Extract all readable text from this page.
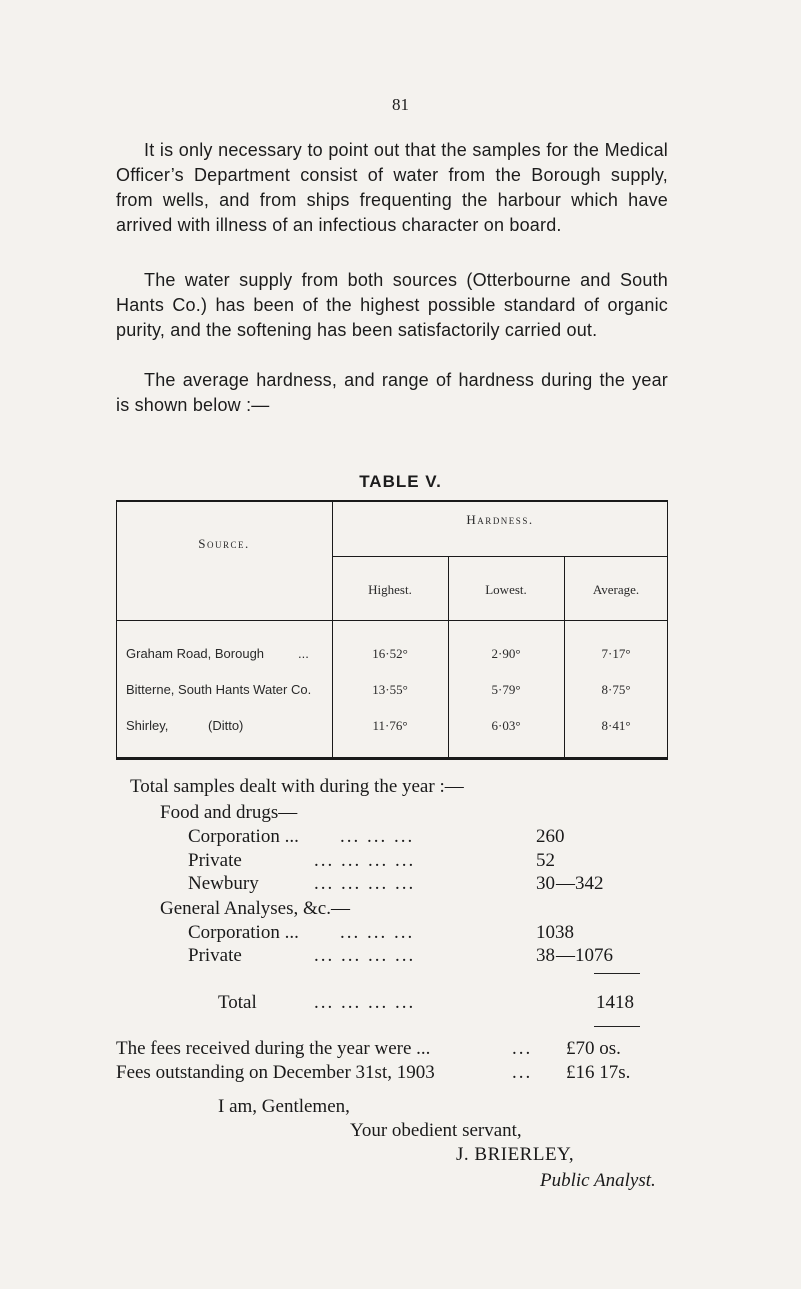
81

It is only necessary to point out that the samples for the Medical Officer’s Department consist of water from the Borough supply, from wells, and from ships frequenting the harbour which have arrived with illness of an infectious character on board.

The water supply from both sources (Otterbourne and South Hants Co.) has been of the highest possible standard of organic purity, and the softening has been satisfactorily carried out.

The average hardness, and range of hardness during the year is shown below :—

TABLE V.
Source.
Hardness.
Highest.	Lowest.	Average.
Graham Road, Borough	...	16·52°	2·90°	7·17°
Bitterne, South Hants Water Co.	13·55°	5·79°	8·75°
Shirley,	(Ditto)	11·76°	6·03°	8·41°
Total samples dealt with during the year :—
Food and drugs—
Corporation ... ... ... ...	260
Private	... ... ... ...	52
Newbury	... ... ... ...	30 —342
General Analyses, &c.—
Corporation ... ... ... ...	1038
Private	... ... ... ...	38 —1076
Total	... ... ... ...	1418
The fees received during the year were ...	... £70 os.
Fees outstanding on December 31st, 1903	... £16 17s.
I am, Gentlemen,
Your obedient servant,
J. BRIERLEY,
Public Analyst.
